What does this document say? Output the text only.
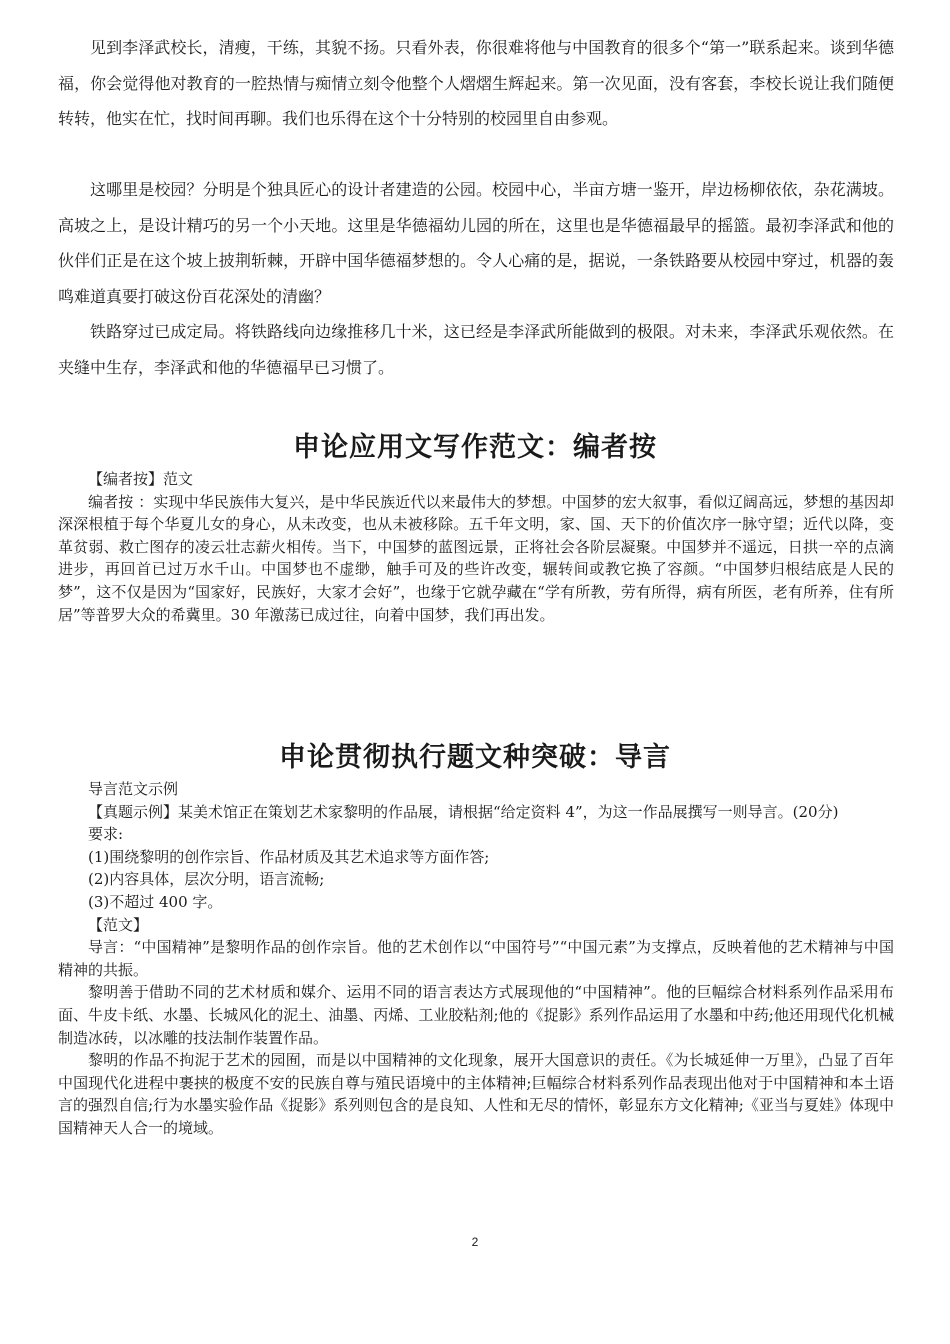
见到李泽武校长，清瘦，干练，其貌不扬。只看外表，你很难将他与中国教育的很多个“第一”联系起来。谈到华德福，你会觉得他对教育的一腔热情与痴情立刻令他整个人熠熠生辉起来。第一次见面，没有客套，李校长说让我们随便转转，他实在忙，找时间再聊。我们也乐得在这个十分特别的校园里自由参观。

这哪里是校园？分明是个独具匠心的设计者建造的公园。校园中心，半亩方塘一鉴开，岸边杨柳依依，杂花满坡。高坡之上，是设计精巧的另一个小天地。这里是华德福幼儿园的所在，这里也是华德福最早的摇篮。最初李泽武和他的伙伴们正是在这个坡上披荆斩棘，开辟中国华德福梦想的。令人心痛的是，据说，一条铁路要从校园中穿过，机器的轰鸣难道真要打破这份百花深处的清幽？

铁路穿过已成定局。将铁路线向边缘推移几十米，这已经是李泽武所能做到的极限。对未来，李泽武乐观依然。在夹缝中生存，李泽武和他的华德福早已习惯了。

申论应用文写作范文：编者按

【编者按】范文

编者按 ：实现中华民族伟大复兴，是中华民族近代以来最伟大的梦想。中国梦的宏大叙事，看似辽阔高远，梦想的基因却深深根植于每个华夏儿女的身心，从未改变，也从未被移除。五千年文明，家、国、天下的价值次序一脉守望；近代以降，变革贫弱、救亡图存的凌云壮志薪火相传。当下，中国梦的蓝图远景，正将社会各阶层凝聚。中国梦并不遥远，日拱一卒的点滴进步，再回首已过万水千山。中国梦也不虚缈，触手可及的些许改变，辗转间或教它换了容颜。“中国梦归根结底是人民的梦”，这不仅是因为“国家好，民族好，大家才会好”，也缘于它就孕藏在“学有所教，劳有所得，病有所医，老有所养，住有所居”等普罗大众的希冀里。30 年激荡已成过往，向着中国梦，我们再出发。

申论贯彻执行题文种突破：导言

导言范文示例

【真题示例】某美术馆正在策划艺术家黎明的作品展，请根据“给定资料 4”，为这一作品展撰写一则导言。(20分)

要求:

(1)围绕黎明的创作宗旨、作品材质及其艺术追求等方面作答;

(2)内容具体，层次分明，语言流畅;

(3)不超过 400 字。

【范文】

导言：“中国精神”是黎明作品的创作宗旨。他的艺术创作以“中国符号”“中国元素”为支撑点，反映着他的艺术精神与中国精神的共振。

黎明善于借助不同的艺术材质和媒介、运用不同的语言表达方式展现他的“中国精神”。他的巨幅综合材料系列作品采用布面、牛皮卡纸、水墨、长城风化的泥土、油墨、丙烯、工业胶粘剂;他的《捉影》系列作品运用了水墨和中药;他还用现代化机械制造冰砖，以冰雕的技法制作装置作品。

黎明的作品不拘泥于艺术的园囿，而是以中国精神的文化现象，展开大国意识的责任。《为长城延伸一万里》，凸显了百年中国现代化进程中裹挟的极度不安的民族自尊与殖民语境中的主体精神;巨幅综合材料系列作品表现出他对于中国精神和本土语言的强烈自信;行为水墨实验作品《捉影》系列则包含的是良知、人性和无尽的情怀，彰显东方文化精神;《亚当与夏娃》体现中国精神天人合一的境域。

2
